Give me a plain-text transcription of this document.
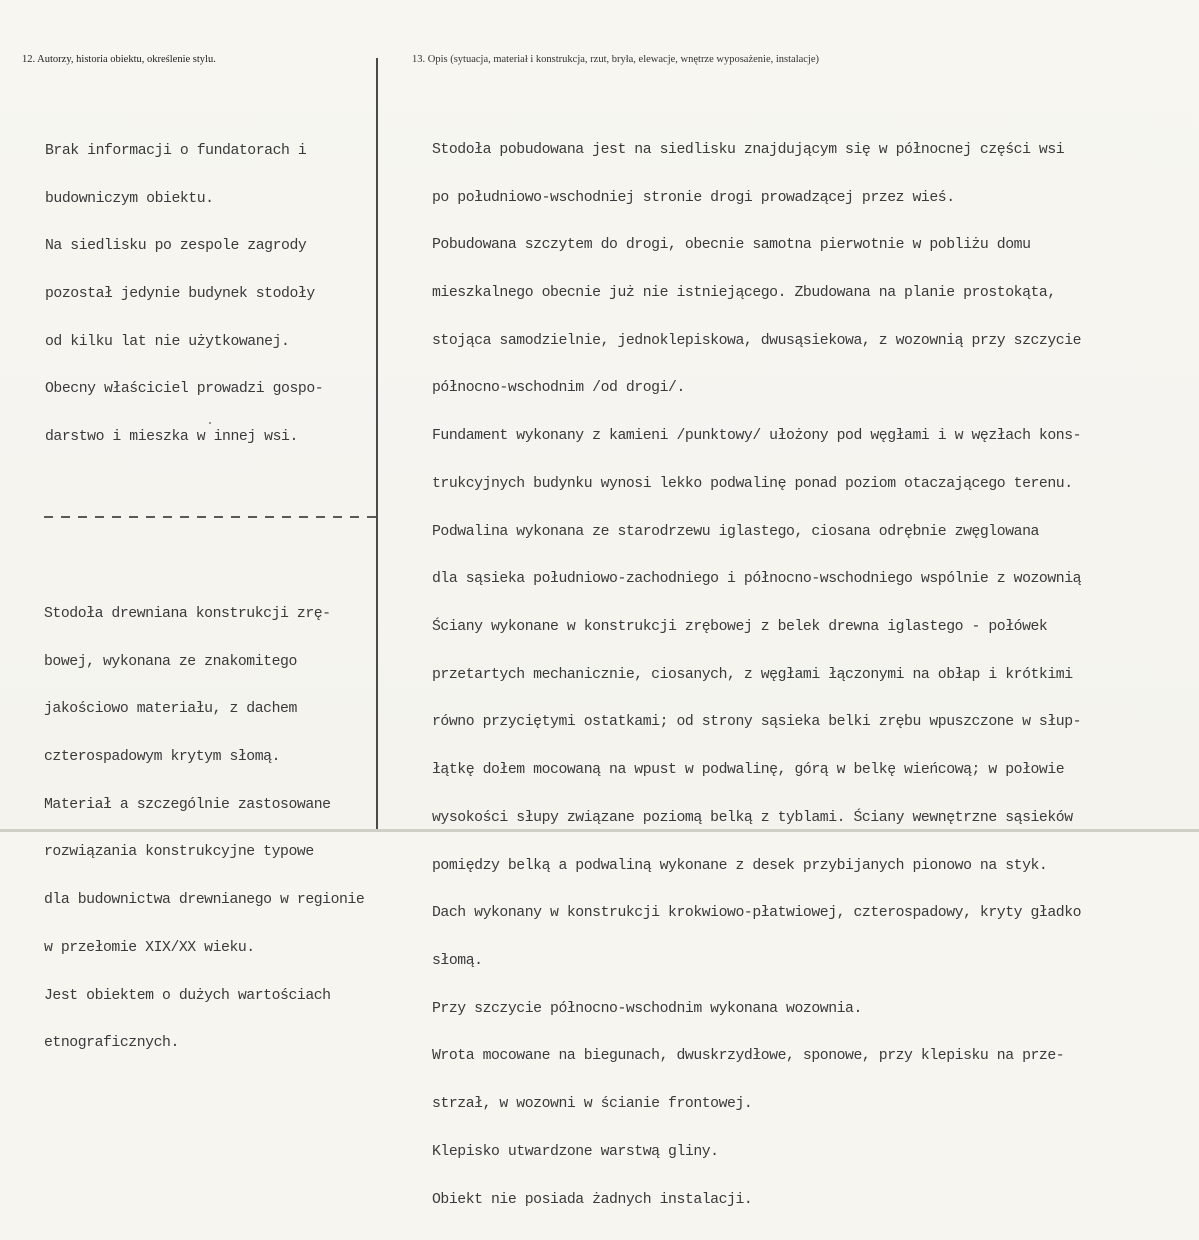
12. Autorzy, historia obiektu, określenie stylu.	13. Opis (sytuacja, materiał i konstrukcja, rzut, bryła, elewacje, wnętrze wyposażenie, instalacje)

Brak informacji o fundatorach i

budowniczym obiektu.

Na siedlisku po zespole zagrody

pozostał jedynie budynek stodoły

od kilku lat nie użytkowanej.

Obecny właściciel prowadzi gospo-

darstwo i mieszka w innej wsi.

Stodoła drewniana konstrukcji zrę-

bowej, wykonana ze znakomitego

jakościowo materiału, z dachem

czterospadowym krytym słomą.

Materiał a szczególnie zastosowane

rozwiązania konstrukcyjne typowe

dla budownictwa drewnianego w regionie

w przełomie XIX/XX wieku.

Jest obiektem o dużych wartościach

etnograficznych.

Stodoła pobudowana jest na siedlisku znajdującym się w północnej części wsi

po południowo-wschodniej stronie drogi prowadzącej przez wieś.

Pobudowana szczytem do drogi, obecnie samotna pierwotnie w pobliżu domu

mieszkalnego obecnie już nie istniejącego. Zbudowana na planie prostokąta,

stojąca samodzielnie, jednoklepiskowa, dwusąsiekowa, z wozownią przy szczycie

północno-wschodnim /od drogi/.

Fundament wykonany z kamieni /punktowy/ ułożony pod węgłami i w węzłach kons-

trukcyjnych budynku wynosi lekko podwalinę ponad poziom otaczającego terenu.

Podwalina wykonana ze starodrzewu iglastego, ciosana odrębnie zwęglowana

dla sąsieka południowo-zachodniego i północno-wschodniego wspólnie z wozownią

Ściany wykonane w konstrukcji zrębowej z belek drewna iglastego - połówek

przetartych mechanicznie, ciosanych, z węgłami łączonymi na obłap i krótkimi

równo przyciętymi ostatkami; od strony sąsieka belki zrębu wpuszczone w słup-

łątkę dołem mocowaną na wpust w podwalinę, górą w belkę wieńcową; w połowie

wysokości słupy związane poziomą belką z tyblami. Ściany wewnętrzne sąsieków

pomiędzy belką a podwaliną wykonane z desek przybijanych pionowo na styk.

Dach wykonany w konstrukcji krokwiowo-płatwiowej, czterospadowy, kryty gładko

słomą.

Przy szczycie północno-wschodnim wykonana wozownia.

Wrota mocowane na biegunach, dwuskrzydłowe, sponowe, przy klepisku na prze-

strzał, w wozowni w ścianie frontowej.

Klepisko utwardzone warstwą gliny.

Obiekt nie posiada żadnych instalacji.
